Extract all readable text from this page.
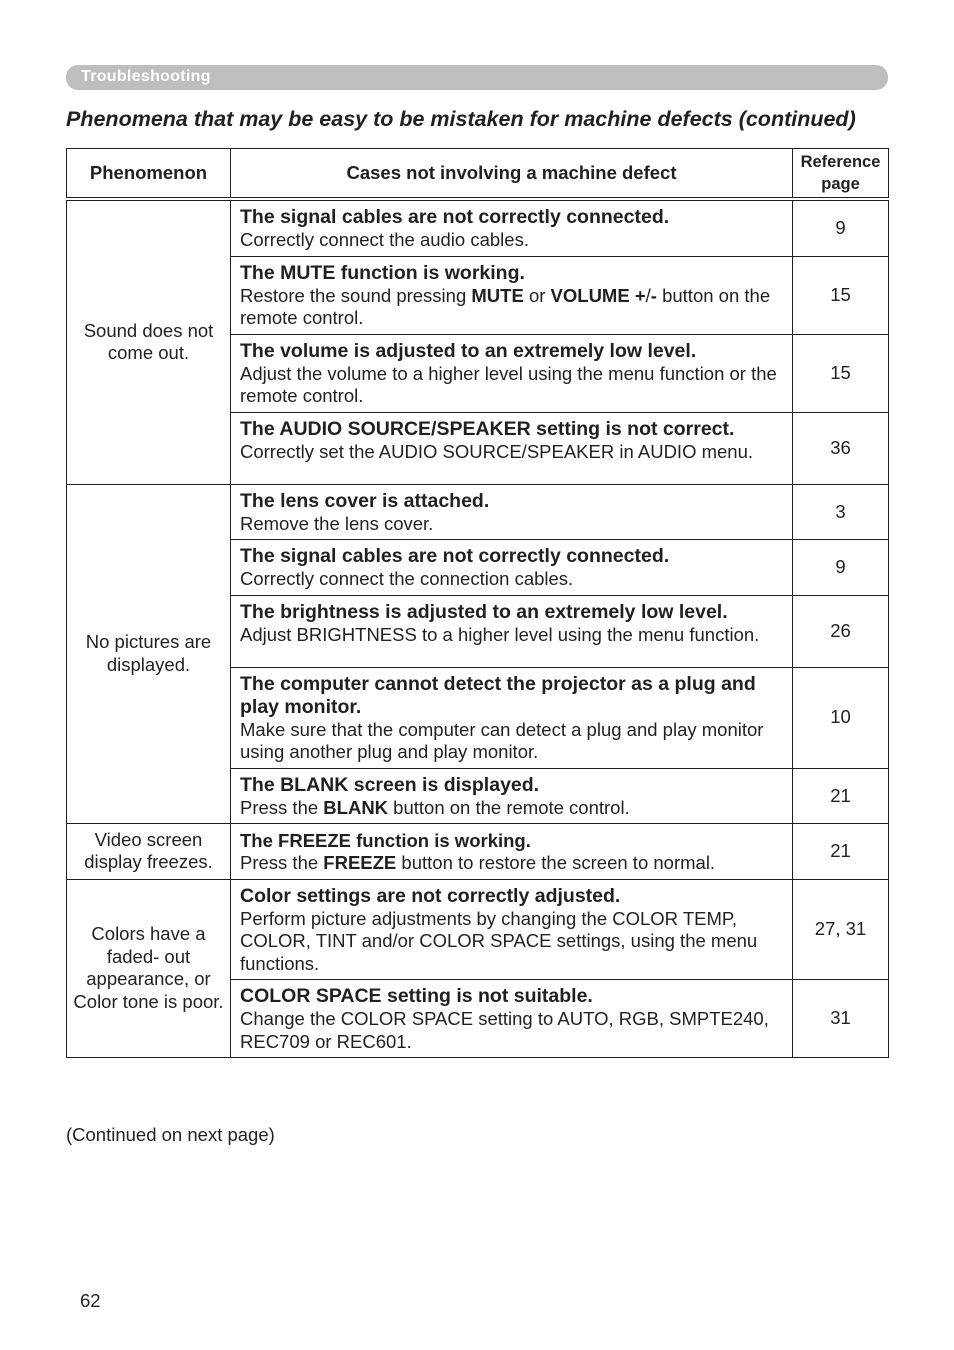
Troubleshooting
Phenomena that may be easy to be mistaken for machine defects (continued)
Phenomenon	Cases not involving a machine defect	Reference
page
Sound does not come out.	The signal cables are not correctly connected.
Correctly connect the audio cables.	9

	The MUTE function is working.
Restore the sound pressing MUTE or VOLUME +/- button on the remote control.	15

	The volume is adjusted to an extremely low level.
Adjust the volume to a higher level using the menu function or the remote control.	15

	The AUDIO SOURCE/SPEAKER setting is not correct.
Correctly set the AUDIO SOURCE/SPEAKER in AUDIO menu.	36
No pictures are displayed.	The lens cover is attached.
Remove the lens cover.	3

	The signal cables are not correctly connected.
Correctly connect the connection cables.	9

	The brightness is adjusted to an extremely low level.
Adjust BRIGHTNESS to a higher level using the menu function.	26

	The computer cannot detect the projector as a plug and play monitor.
Make sure that the computer can detect a plug and play monitor using another plug and play monitor.	10

	The BLANK screen is displayed.
Press the BLANK button on the remote control.	21
Video screen display freezes.	The FREEZE function is working.
Press the FREEZE button to restore the screen to normal.	21
Colors have a faded- out appearance, or Color tone is poor.	Color settings are not correctly adjusted.
Perform picture adjustments by changing the COLOR TEMP, COLOR, TINT and/or COLOR SPACE settings, using the menu functions.	27, 31

	COLOR SPACE setting is not suitable.
Change the COLOR SPACE setting to AUTO, RGB, SMPTE240, REC709 or REC601.	31
(Continued on next page)
62
